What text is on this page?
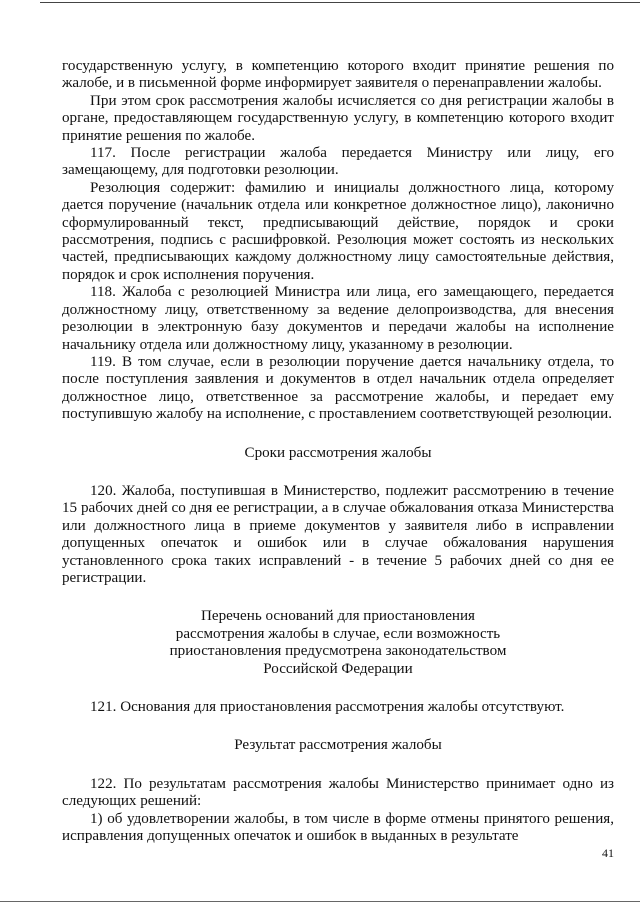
государственную услугу, в компетенцию которого входит принятие решения по жалобе, и в письменной форме информирует заявителя о перенаправлении жалобы.

При этом срок рассмотрения жалобы исчисляется со дня регистрации жалобы в органе, предоставляющем государственную услугу, в компетенцию которого входит принятие решения по жалобе.

117. После регистрации жалоба передается Министру или лицу, его замещающему, для подготовки резолюции.

Резолюция содержит: фамилию и инициалы должностного лица, которому дается поручение (начальник отдела или конкретное должностное лицо), лаконично сформулированный текст, предписывающий действие, порядок и сроки рассмотрения, подпись с расшифровкой. Резолюция может состоять из нескольких частей, предписывающих каждому должностному лицу самостоятельные действия, порядок и срок исполнения поручения.

118. Жалоба с резолюцией Министра или лица, его замещающего, передается должностному лицу, ответственному за ведение делопроизводства, для внесения резолюции в электронную базу документов и передачи жалобы на исполнение начальнику отдела или должностному лицу, указанному в резолюции.

119. В том случае, если в резолюции поручение дается начальнику отдела, то после поступления заявления и документов в отдел начальник отдела определяет должностное лицо, ответственное за рассмотрение жалобы, и передает ему поступившую жалобу на исполнение, с проставлением соответствующей резолюции.

Сроки рассмотрения жалобы

120. Жалоба, поступившая в Министерство, подлежит рассмотрению в течение 15 рабочих дней со дня ее регистрации, а в случае обжалования отказа Министерства или должностного лица в приеме документов у заявителя либо в исправлении допущенных опечаток и ошибок или в случае обжалования нарушения установленного срока таких исправлений - в течение 5 рабочих дней со дня ее регистрации.

Перечень оснований для приостановления

рассмотрения жалобы в случае, если возможность

приостановления предусмотрена законодательством

Российской Федерации

121. Основания для приостановления рассмотрения жалобы отсутствуют.

Результат рассмотрения жалобы

122. По результатам рассмотрения жалобы Министерство принимает одно из следующих решений:

1) об удовлетворении жалобы, в том числе в форме отмены принятого решения, исправления допущенных опечаток и ошибок в выданных в результате

41
